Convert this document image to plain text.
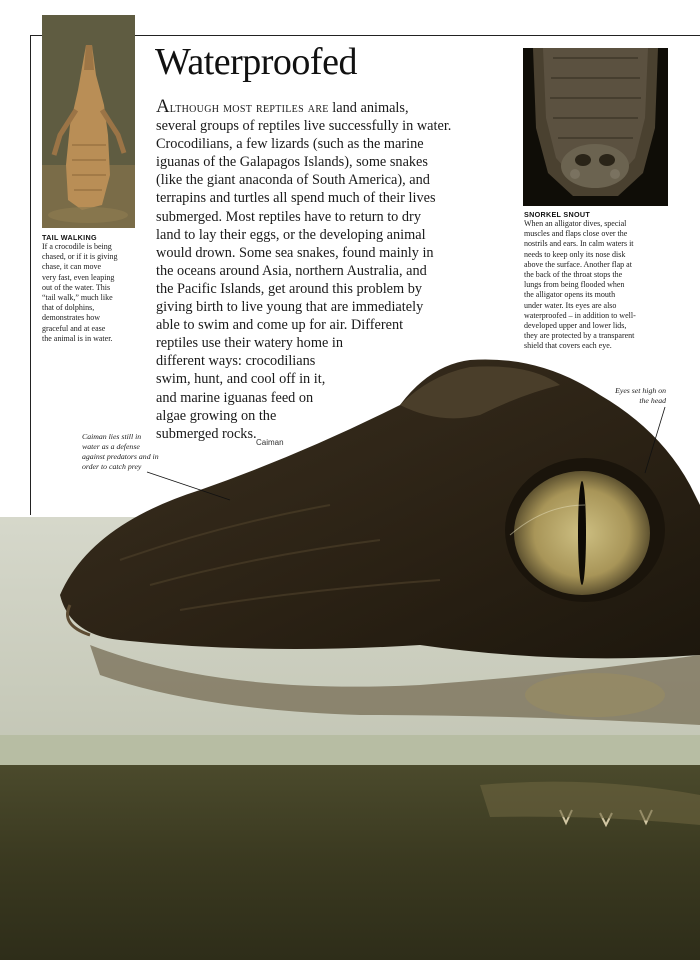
TAIL WALKING
If a crocodile is being
chased, or if it is giving
chase, it can move
very fast, even leaping
out of the water. This
“tail walk,” much like
that of dolphins,
demonstrates how
graceful and at ease
the animal is in water.
SNORKEL SNOUT
When an alligator dives, special
muscles and flaps close over the
nostrils and ears. In calm waters it
needs to keep only its nose disk
above the surface. Another flap at
the back of the throat stops the
lungs from being flooded when
the alligator opens its mouth
under water. Its eyes are also
waterproofed – in addition to well-
developed upper and lower lids,
they are protected by a transparent
shield that covers each eye.
Waterproofed
Although most reptiles are land animals,
several groups of reptiles live successfully in water.
Crocodilians, a few lizards (such as the marine
iguanas of the Galapagos Islands), some snakes
(like the giant anaconda of South America), and
terrapins and turtles all spend much of their lives
submerged. Most reptiles have to return to dry
land to lay their eggs, or the developing animal
would drown. Some sea snakes, found mainly in
the oceans around Asia, northern Australia, and
the Pacific Islands, get around this problem by
giving birth to live young that are immediately
able to swim and come up for air. Different
reptiles use their watery home in
different ways: crocodilians
swim, hunt, and cool off in it,
and marine iguanas feed on
algae growing on the
submerged rocks.
Caiman lies still in
water as a defense
against predators and in
order to catch prey
Eyes set high on
the head
Caiman
